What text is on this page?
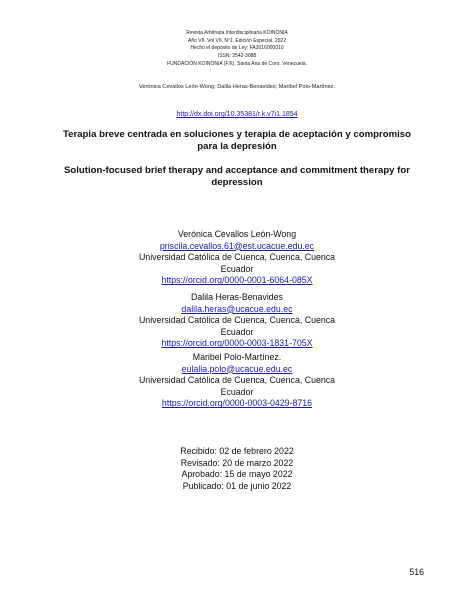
Revista Arbitrada Interdisciplinaria KOINONIA
Año VII. Vol VII. Nº1. Edición Especial. 2022
Hecho el depósito de Ley: FA2016000010
ISSN: 2542-3088
FUNDACIÓN KOINONIA (F.K). Santa Ana de Coro. Venezuela.
Verónica Cevallos León-Wong; Dalila Heras-Benavides; Maribel Polo-Martínez.
http://dx.doi.org/10.35381/r.k.v7i1.1854
Terapia breve centrada en soluciones y terapia de aceptación y compromiso para la depresión
Solution-focused brief therapy and acceptance and commitment therapy for depression
Verónica Cevallos León-Wong
priscila.cevallos.61@est.ucacue.edu.ec
Universidad Católica de Cuenca, Cuenca, Cuenca
Ecuador
https://orcid.org/0000-0001-6064-085X
Dalila Heras-Benavides
dalila.heras@ucacue.edu.ec
Universidad Católica de Cuenca, Cuenca, Cuenca
Ecuador
https://orcid.org/0000-0003-1831-705X
Maribel Polo-Martínez.
eulalia.polo@ucacue.edu.ec
Universidad Católica de Cuenca, Cuenca, Cuenca
Ecuador
https://orcid.org/0000-0003-0429-8716
Recibido: 02 de febrero 2022
Revisado: 20 de marzo 2022
Aprobado: 15 de mayo 2022
Publicado: 01 de junio 2022
516
